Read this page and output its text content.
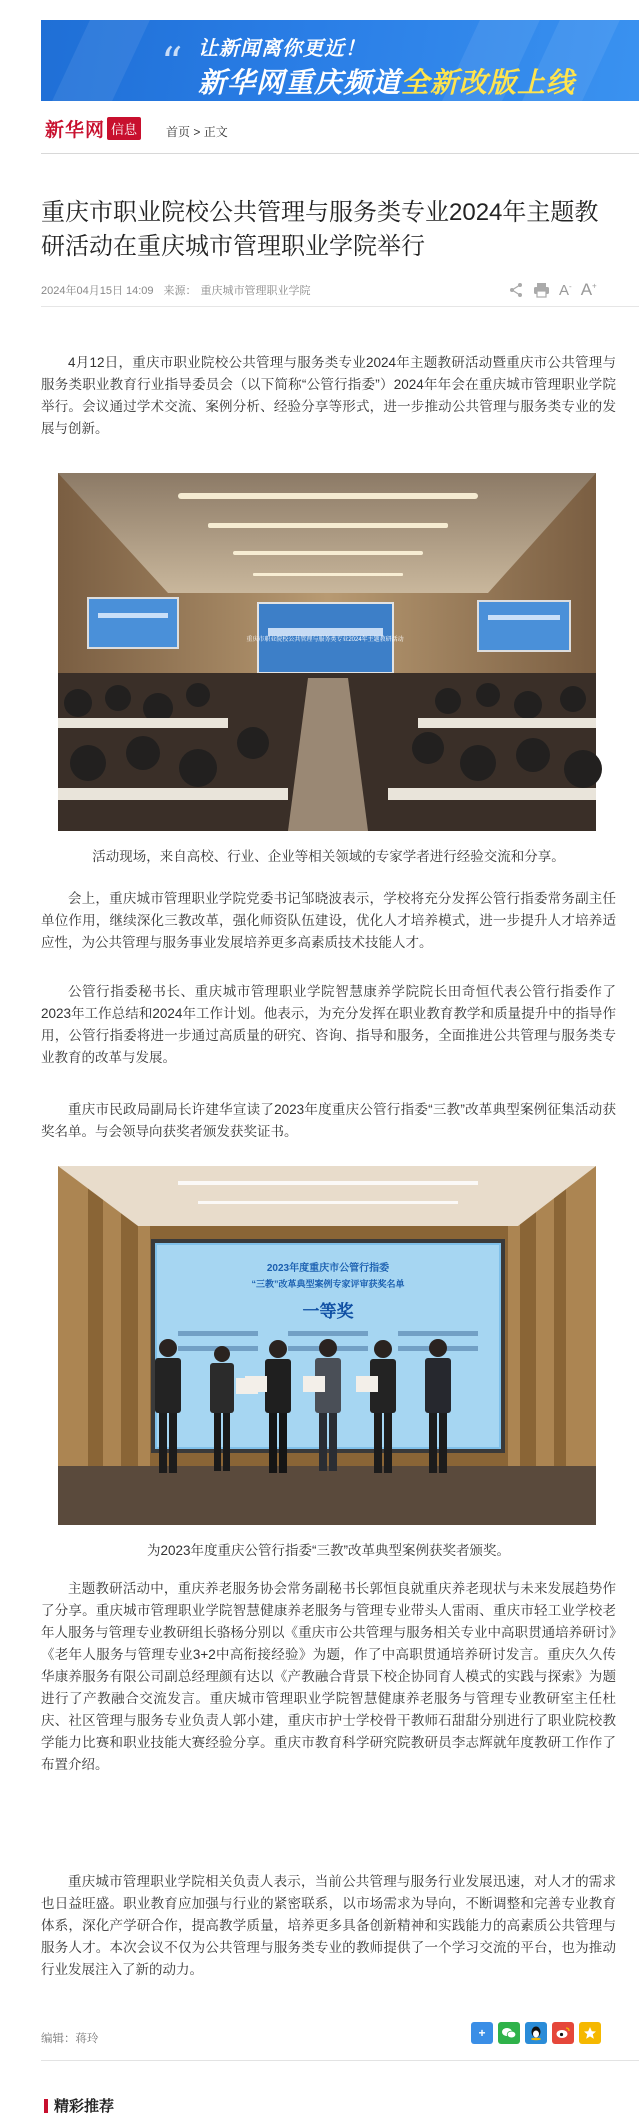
“ 让新闻离你更近！
新华网重庆频道全新改版上线
新华网 信息	首页 > 正文
重庆市职业院校公共管理与服务类专业2024年主题教研活动在重庆城市管理职业学院举行
2024年04月15日 14:09 来源： 重庆城市管理职业学院	A- A+

4月12日，重庆市职业院校公共管理与服务类专业2024年主题教研活动暨重庆市公共管理与服务类职业教育行业指导委员会（以下简称“公管行指委”）2024年年会在重庆城市管理职业学院举行。会议通过学术交流、案例分析、经验分享等形式，进一步推动公共管理与服务类专业的发展与创新。

重庆市职业院校公共管理与服务类专业2024年主题教研活动

活动现场，来自高校、行业、企业等相关领域的专家学者进行经验交流和分享。

会上，重庆城市管理职业学院党委书记邹晓波表示，学校将充分发挥公管行指委常务副主任单位作用，继续深化三教改革，强化师资队伍建设，优化人才培养模式，进一步提升人才培养适应性，为公共管理与服务事业发展培养更多高素质技术技能人才。

公管行指委秘书长、重庆城市管理职业学院智慧康养学院院长田奇恒代表公管行指委作了2023年工作总结和2024年工作计划。他表示，为充分发挥在职业教育教学和质量提升中的指导作用，公管行指委将进一步通过高质量的研究、咨询、指导和服务，全面推进公共管理与服务类专业教育的改革与发展。

重庆市民政局副局长许建华宣读了2023年度重庆公管行指委“三教”改革典型案例征集活动获奖名单。与会领导向获奖者颁发获奖证书。

2023年度重庆市公管行指委
“三教”改革典型案例专家评审获奖名单
一等奖

为2023年度重庆公管行指委“三教”改革典型案例获奖者颁奖。

主题教研活动中，重庆养老服务协会常务副秘书长郭恒良就重庆养老现状与未来发展趋势作了分享。重庆城市管理职业学院智慧健康养老服务与管理专业带头人雷雨、重庆市轻工业学校老年人服务与管理专业教研组长骆杨分别以《重庆市公共管理与服务相关专业中高职贯通培养研讨》《老年人服务与管理专业3+2中高衔接经验》为题，作了中高职贯通培养研讨发言。重庆久久传华康养服务有限公司副总经理颜有达以《产教融合背景下校企协同育人模式的实践与探索》为题进行了产教融合交流发言。重庆城市管理职业学院智慧健康养老服务与管理专业教研室主任杜庆、社区管理与服务专业负责人郭小建，重庆市护士学校骨干教师石甜甜分别进行了职业院校教学能力比赛和职业技能大赛经验分享。重庆市教育科学研究院教研员李志辉就年度教研工作作了布置介绍。

重庆城市管理职业学院相关负责人表示，当前公共管理与服务行业发展迅速，对人才的需求也日益旺盛。职业教育应加强与行业的紧密联系，以市场需求为导向，不断调整和完善专业教育体系，深化产学研合作，提高教学质量，培养更多具备创新精神和实践能力的高素质公共管理与服务人才。本次会议不仅为公共管理与服务类专业的教师提供了一个学习交流的平台，也为推动行业发展注入了新的动力。

编辑：蒋玲	+
精彩推荐
